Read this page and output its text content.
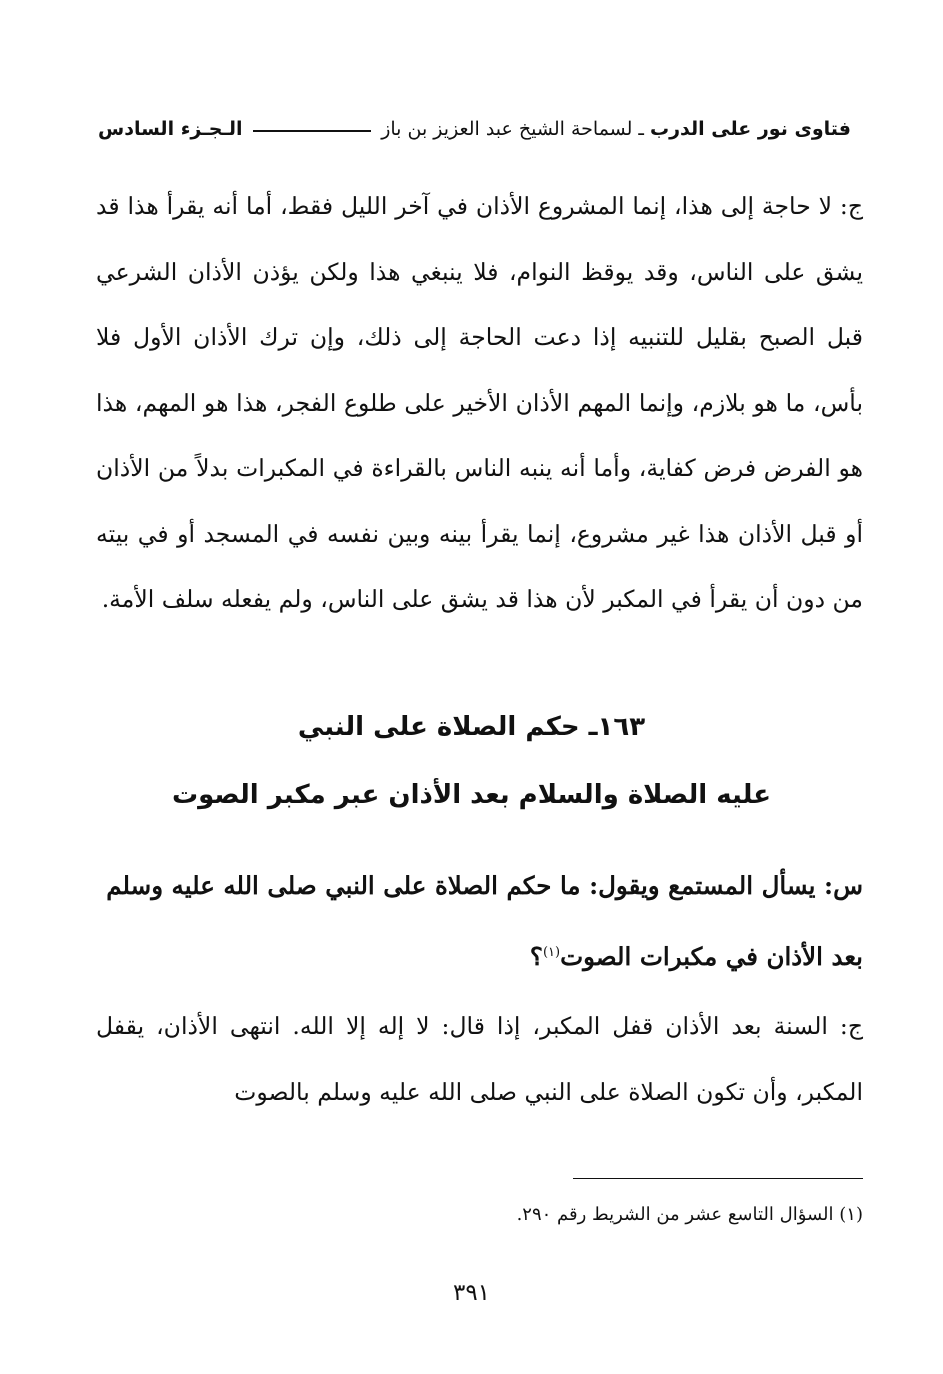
فتاوى نور على الدرب
ـ
لسماحة الشيخ عبد العزيز بن باز
الـجـزء السادس

ج: لا حاجة إلى هذا، إنما المشروع الأذان في آخر الليل فقط، أما أنه يقرأ هذا قد يشق على الناس، وقد يوقظ النوام، فلا ينبغي هذا ولكن يؤذن الأذان الشرعي قبل الصبح بقليل للتنبيه إذا دعت الحاجة إلى ذلك، وإن ترك الأذان الأول فلا بأس، ما هو بلازم، وإنما المهم الأذان الأخير على طلوع الفجر، هذا هو المهم، هذا هو الفرض فرض كفاية، وأما أنه ينبه الناس بالقراءة في المكبرات بدلاً من الأذان أو قبل الأذان هذا غير مشروع، إنما يقرأ بينه وبين نفسه في المسجد أو في بيته من دون أن يقرأ في المكبر لأن هذا قد يشق على الناس، ولم يفعله سلف الأمة.

١٦٣ـ حكم الصلاة على النبي
عليه الصلاة والسلام بعد الأذان عبر مكبر الصوت

س: يسأل المستمع ويقول: ما حكم الصلاة على النبي صلى الله عليه وسلم بعد الأذان في مكبرات الصوت$^{(١)}$؟

ج: السنة بعد الأذان قفل المكبر، إذا قال: لا إله إلا الله. انتهى الأذان، يقفل المكبر، وأن تكون الصلاة على النبي صلى الله عليه وسلم بالصوت

(١) السؤال التاسع عشر من الشريط رقم ٢٩٠.
٣٩١
